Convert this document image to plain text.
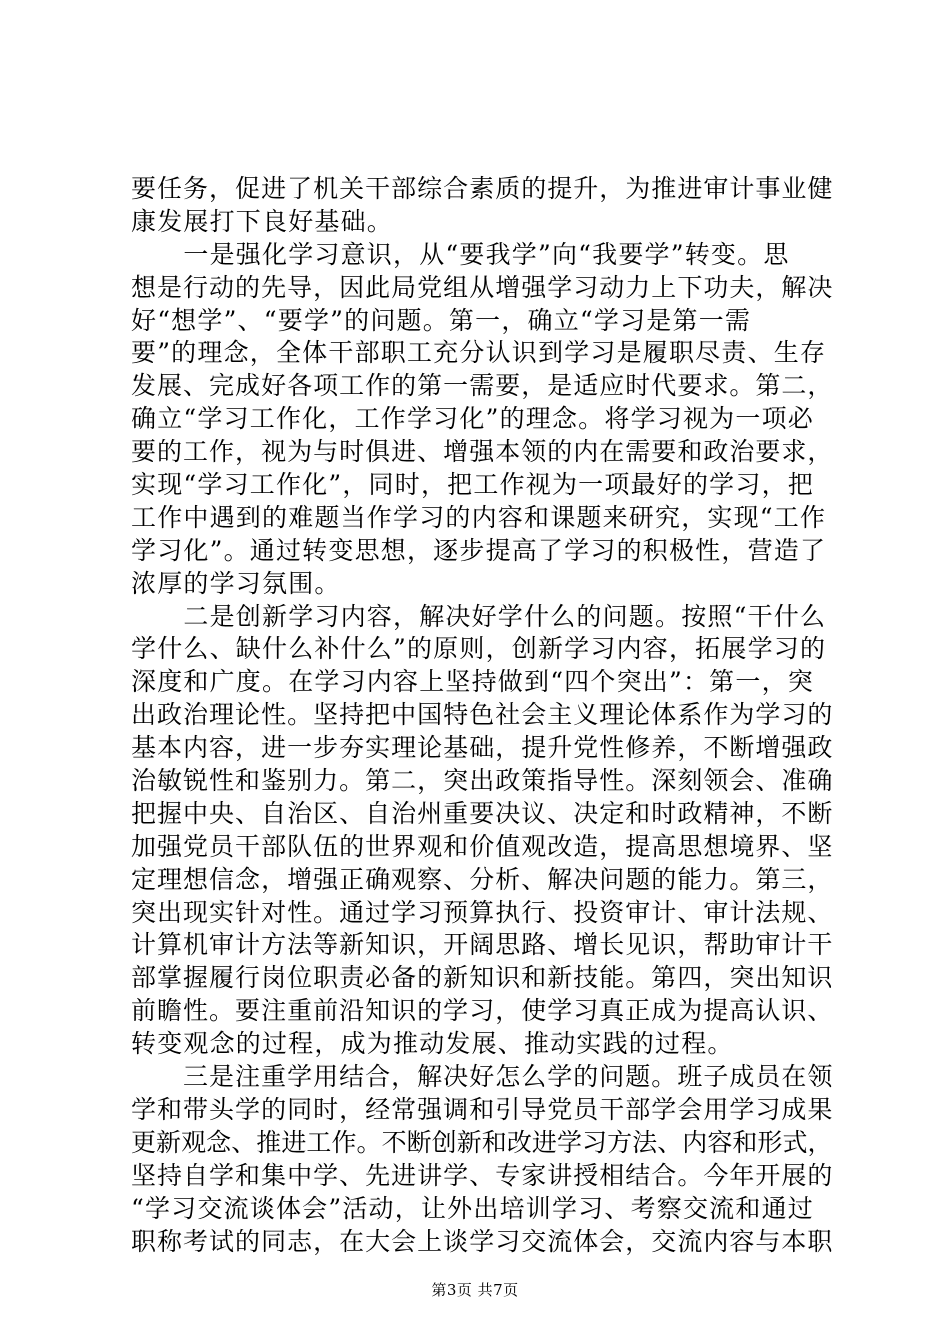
要任务，促进了机关干部综合素质的提升，为推进审计事业健
康发展打下良好基础。
　　一是强化学习意识，从“要我学”向“我要学”转变。思
想是行动的先导，因此局党组从增强学习动力上下功夫，解决
好“想学”、“要学”的问题。第一，确立“学习是第一需
要”的理念，全体干部职工充分认识到学习是履职尽责、生存
发展、完成好各项工作的第一需要，是适应时代要求。第二，
确立“学习工作化，工作学习化”的理念。将学习视为一项必
要的工作，视为与时俱进、增强本领的内在需要和政治要求，
实现“学习工作化”，同时，把工作视为一项最好的学习，把
工作中遇到的难题当作学习的内容和课题来研究，实现“工作
学习化”。通过转变思想，逐步提高了学习的积极性，营造了
浓厚的学习氛围。
　　二是创新学习内容，解决好学什么的问题。按照“干什么
学什么、缺什么补什么”的原则，创新学习内容，拓展学习的
深度和广度。在学习内容上坚持做到“四个突出”：第一，突
出政治理论性。坚持把中国特色社会主义理论体系作为学习的
基本内容，进一步夯实理论基础，提升党性修养，不断增强政
治敏锐性和鉴别力。第二，突出政策指导性。深刻领会、准确
把握中央、自治区、自治州重要决议、决定和时政精神，不断
加强党员干部队伍的世界观和价值观改造，提高思想境界、坚
定理想信念，增强正确观察、分析、解决问题的能力。第三，
突出现实针对性。通过学习预算执行、投资审计、审计法规、
计算机审计方法等新知识，开阔思路、增长见识，帮助审计干
部掌握履行岗位职责必备的新知识和新技能。第四，突出知识
前瞻性。要注重前沿知识的学习，使学习真正成为提高认识、
转变观念的过程，成为推动发展、推动实践的过程。
　　三是注重学用结合，解决好怎么学的问题。班子成员在领
学和带头学的同时，经常强调和引导党员干部学会用学习成果
更新观念、推进工作。不断创新和改进学习方法、内容和形式，
坚持自学和集中学、先进讲学、专家讲授相结合。今年开展的
“学习交流谈体会”活动，让外出培训学习、考察交流和通过
职称考试的同志，在大会上谈学习交流体会，交流内容与本职
第3页 共7页
